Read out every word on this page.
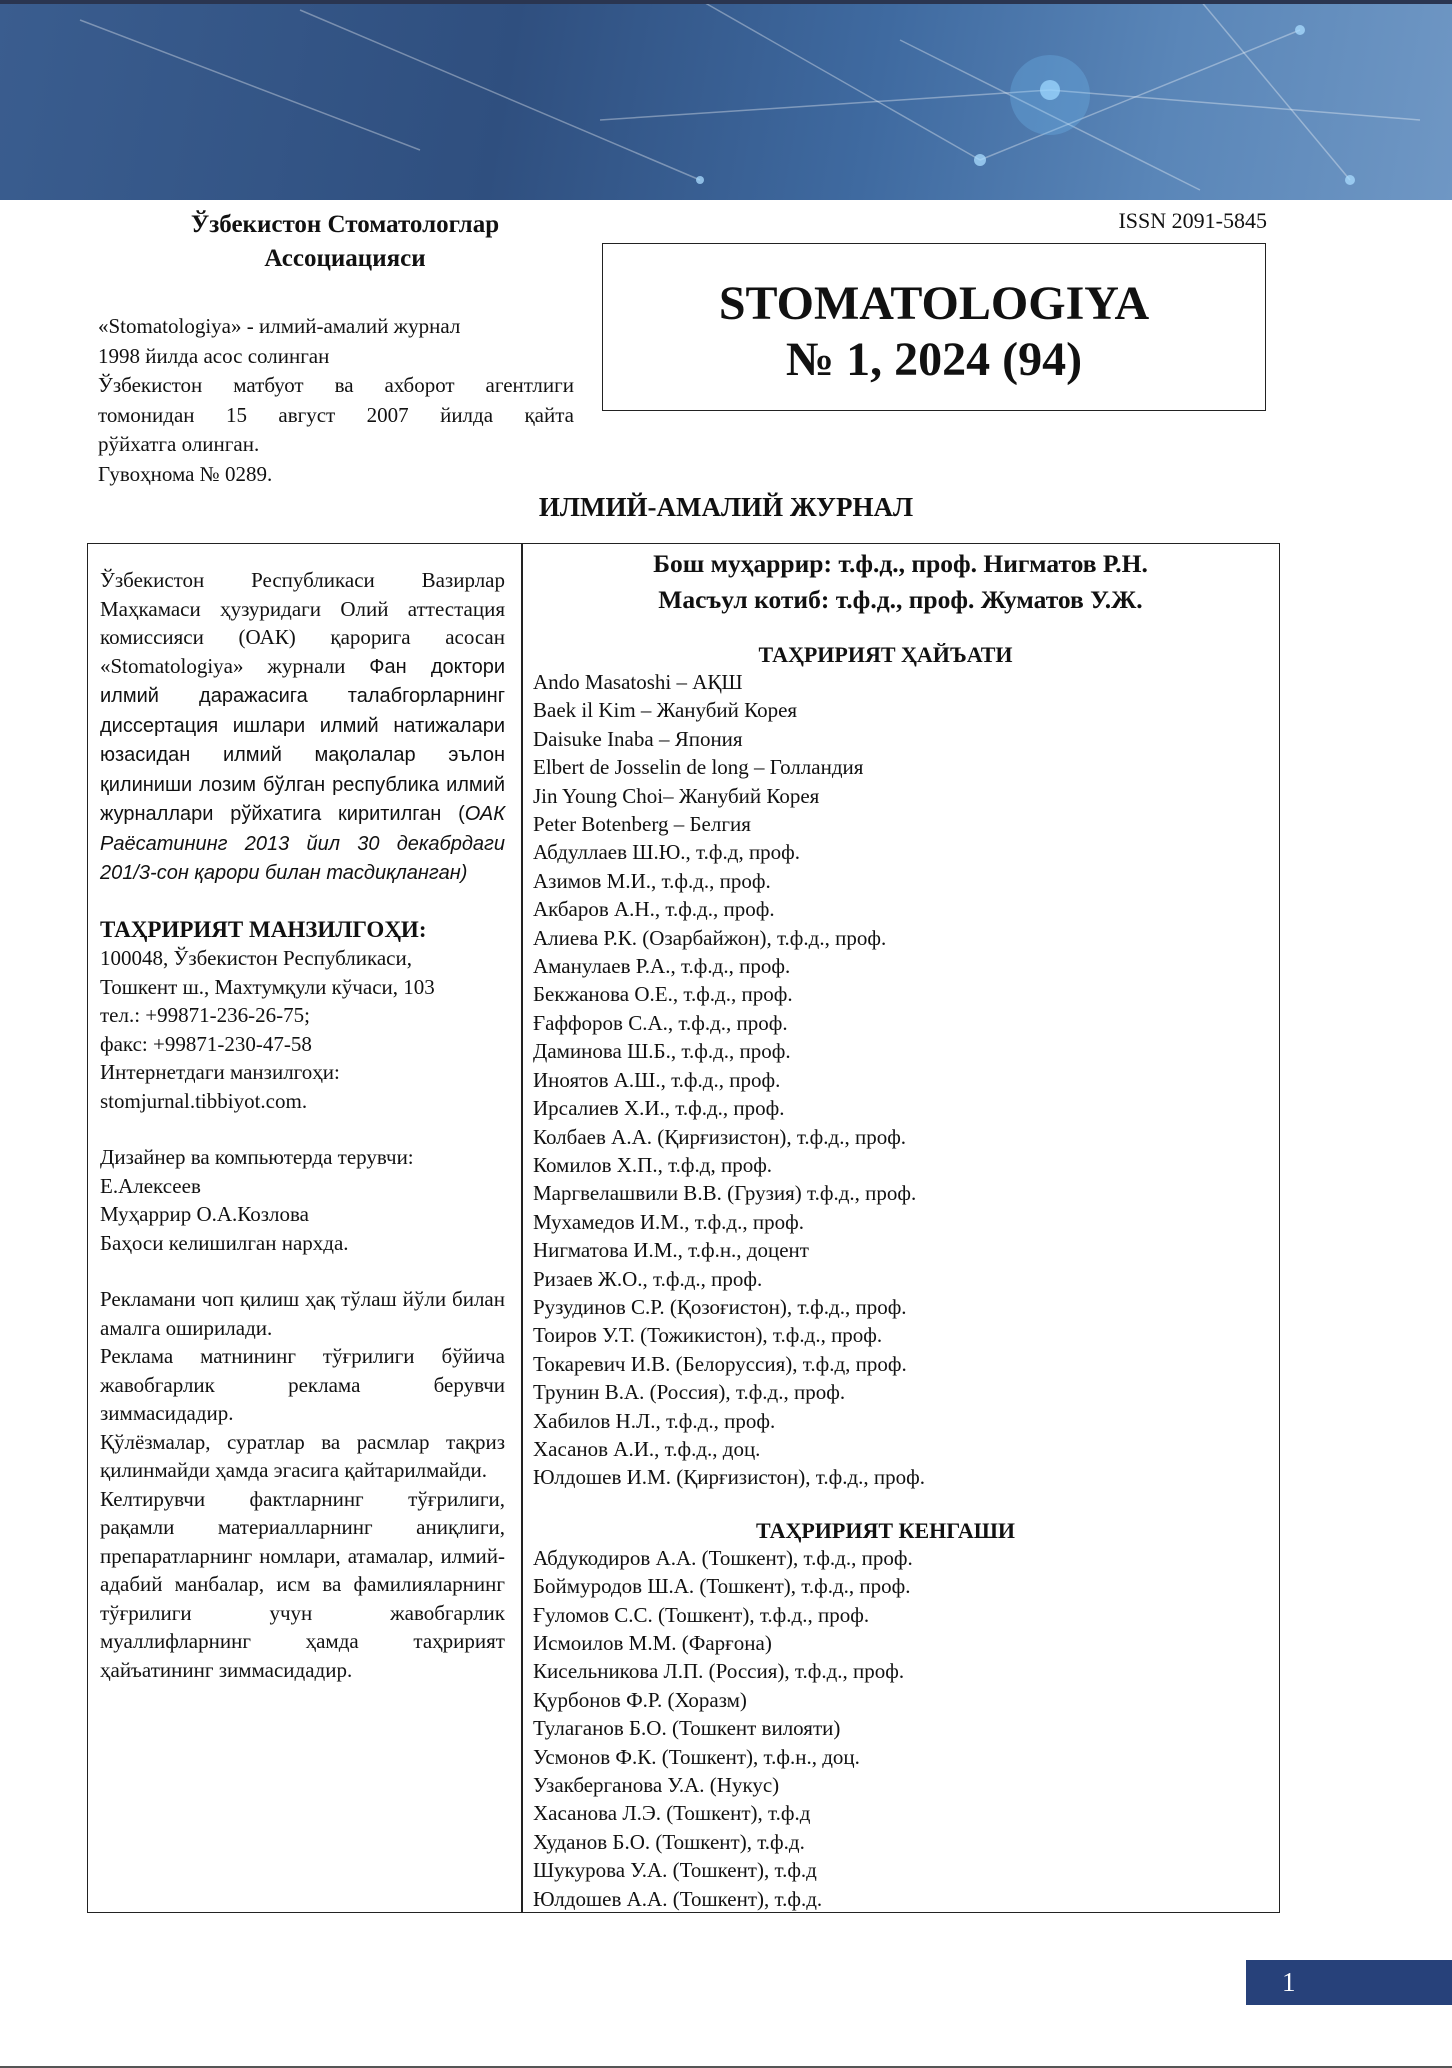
Ўзбекистон Стоматологлар Ассоциацияси
ISSN 2091-5845
«Stomatologiya» - илмий-амалий журнал
1998 йилда асос солинган
Ўзбекистон матбуот ва ахборот агентлиги
томонидан 15 август 2007 йилда қайта
рўйхатга олинган.
Гувоҳнома № 0289.
STOMATOLOGIYA
№ 1, 2024 (94)
ИЛМИЙ-АМАЛИЙ ЖУРНАЛ
Ўзбекистон Республикаси Вазирлар Маҳкамаси ҳузуридаги Олий аттестация комиссияси (ОАК) қарорига асосан «Stomatologiya» журнали Фан доктори илмий даражасига талабгорларнинг диссертация ишлари илмий натижалари юзасидан илмий мақолалар эълон қилиниши лозим бўлган республика илмий журналлари рўйхатига киритилган (ОАК Раёсатининг 2013 йил 30 декабрдаги 201/3-сон қарори билан тасдиқланган)
ТАҲРИРИЯТ МАНЗИЛГОҲИ:
100048, Ўзбекистон Республикаси,
Тошкент ш., Махтумқули кўчаси, 103
тел.: +99871-236-26-75;
факс: +99871-230-47-58
Интернетдаги манзилгоҳи:
stomjurnal.tibbiyot.com.
Дизайнер ва компьютерда терувчи:
Е.Алексеев
Муҳаррир О.А.Козлова
Баҳоси келишилган нархда.
Рекламани чоп қилиш ҳақ тўлаш йўли билан амалга оширилади.
Реклама матнининг тўғрилиги бўйича жавобгарлик реклама берувчи зиммасидадир.
Қўлёзмалар, суратлар ва расмлар тақриз қилинмайди ҳамда эгасига қайтарилмайди.
Келтирувчи фактларнинг тўғрилиги, рақамли материалларнинг аниқлиги, препаратларнинг номлари, атамалар, илмий-адабий манбалар, исм ва фамилияларнинг тўғрилиги учун жавобгарлик муаллифларнинг ҳамда таҳририят ҳайъатининг зиммасидадир.
Бош муҳаррир: т.ф.д., проф. Нигматов Р.Н.
Масъул котиб: т.ф.д., проф. Жуматов У.Ж.
ТАҲРИРИЯТ ҲАЙЪАТИ
Ando Masatoshi – АҚШ
Baek il Kim – Жанубий Корея
Daisuke Inaba – Япония
Elbert de Josselin de long – Голландия
Jin Young Choi– Жанубий Корея
Peter Botenberg – Белгия
Абдуллаев Ш.Ю., т.ф.д, проф.
Азимов М.И., т.ф.д., проф.
Акбаров А.Н., т.ф.д., проф.
Алиева Р.К. (Озарбайжон), т.ф.д., проф.
Аманулаев Р.А., т.ф.д., проф.
Бекжанова О.Е., т.ф.д., проф.
Ғаффоров С.А., т.ф.д., проф.
Даминова Ш.Б., т.ф.д., проф.
Иноятов А.Ш., т.ф.д., проф.
Ирсалиев Х.И., т.ф.д., проф.
Колбаев А.А. (Қирғизистон), т.ф.д., проф.
Комилов Х.П., т.ф.д, проф.
Маргвелашвили В.В. (Грузия) т.ф.д., проф.
Мухамедов И.М., т.ф.д., проф.
Нигматова И.М., т.ф.н., доцент
Ризаев Ж.О., т.ф.д., проф.
Рузудинов С.Р. (Қозоғистон), т.ф.д., проф.
Тоиров У.Т. (Тожикистон), т.ф.д., проф.
Токаревич И.В. (Белоруссия), т.ф.д, проф.
Трунин В.А. (Россия), т.ф.д., проф.
Хабилов Н.Л., т.ф.д., проф.
Хасанов А.И., т.ф.д., доц.
Юлдошев И.М. (Қирғизистон), т.ф.д., проф.
ТАҲРИРИЯТ КЕНГАШИ
Абдукодиров А.А. (Тошкент), т.ф.д., проф.
Боймуродов Ш.А. (Тошкент), т.ф.д., проф.
Ғуломов С.С. (Тошкент), т.ф.д., проф.
Исмоилов М.М. (Фарғона)
Кисельникова Л.П. (Россия), т.ф.д., проф.
Қурбонов Ф.Р. (Хоразм)
Тулаганов Б.О. (Тошкент вилояти)
Усмонов Ф.К. (Тошкент), т.ф.н., доц.
Узакберганова У.А. (Нукус)
Хасанова Л.Э. (Тошкент), т.ф.д
Худанов Б.О. (Тошкент), т.ф.д.
Шукурова У.А. (Тошкент), т.ф.д
Юлдошев А.А. (Тошкент), т.ф.д.
1
